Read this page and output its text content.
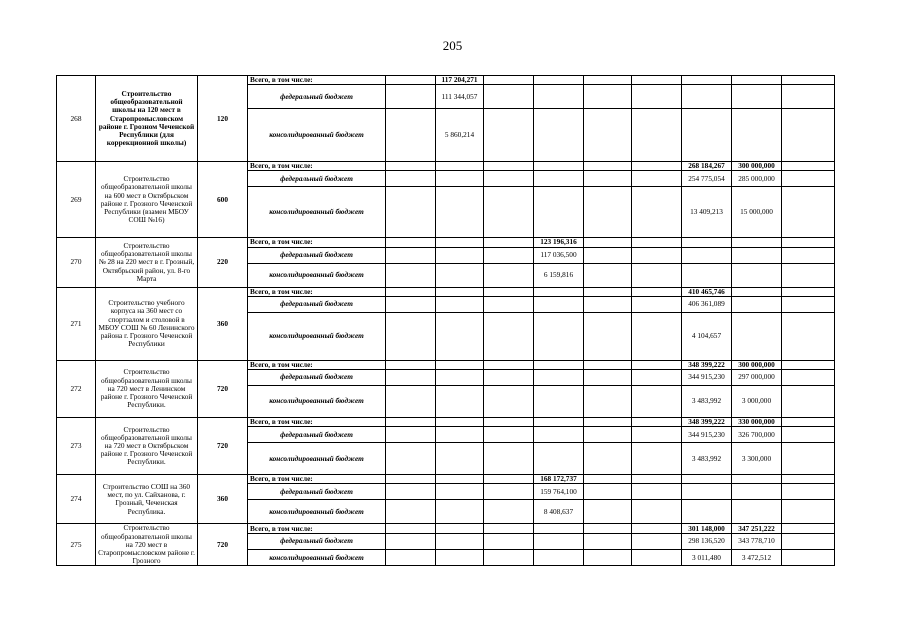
205
268	Строительство общеобразовательной школы на 120 мест в Старопромысловском районе г. Грозном Чеченской Республики (для коррекционной школы)	120	Всего, в том числе:		117 204,271							
			федеральный бюджет		111 344,057							
			консолидированный бюджет		5 860,214							
269	Строительство общеобразовательной школы на 600 мест в Октябрьском районе г. Грозного Чеченской Республики (взамен МБОУ СОШ №16)	600	Всего, в том числе:							268 184,267	300 000,000	
			федеральный бюджет							254 775,054	285 000,000	
			консолидированный бюджет							13 409,213	15 000,000	
270	Строительство общеобразовательной школы № 28 на 220 мест в г. Грозный, Октябрьский район, ул. 8-го Марта	220	Всего, в том числе:				123 196,316					
			федеральный бюджет				117 036,500					
			консолидированный бюджет				6 159,816					
271	Строительство учебного корпуса на 360 мест со спортзалом и столовой в МБОУ СОШ № 60 Ленинского района г. Грозного Чеченской Республики	360	Всего, в том числе:							410 465,746		
			федеральный бюджет							406 361,089		
			консолидированный бюджет							4 104,657		
272	Строительство общеобразовательной школы на 720 мест в Ленинском районе г. Грозного Чеченской Республики.	720	Всего, в том числе:							348 399,222	300 000,000	
			федеральный бюджет							344 915,230	297 000,000	
			консолидированный бюджет							3 483,992	3 000,000	
273	Строительство общеобразовательной школы на 720 мест в Октябрьском районе г. Грозного Чеченской Республики.	720	Всего, в том числе:							348 399,222	330 000,000	
			федеральный бюджет							344 915,230	326 700,000	
			консолидированный бюджет							3 483,992	3 300,000	
274	Строительство СОШ на 360 мест, по ул. Сайханова, г. Грозный, Чеченская Республика.	360	Всего, в том числе:				168 172,737					
			федеральный бюджет				159 764,100					
			консолидированный бюджет				8 408,637					
275	Строительство общеобразовательной школы на 720 мест в Старопромысловском районе г. Грозного	720	Всего, в том числе:							301 148,000	347 251,222	
			федеральный бюджет							298 136,520	343 778,710	
			консолидированный бюджет							3 011,480	3 472,512	
